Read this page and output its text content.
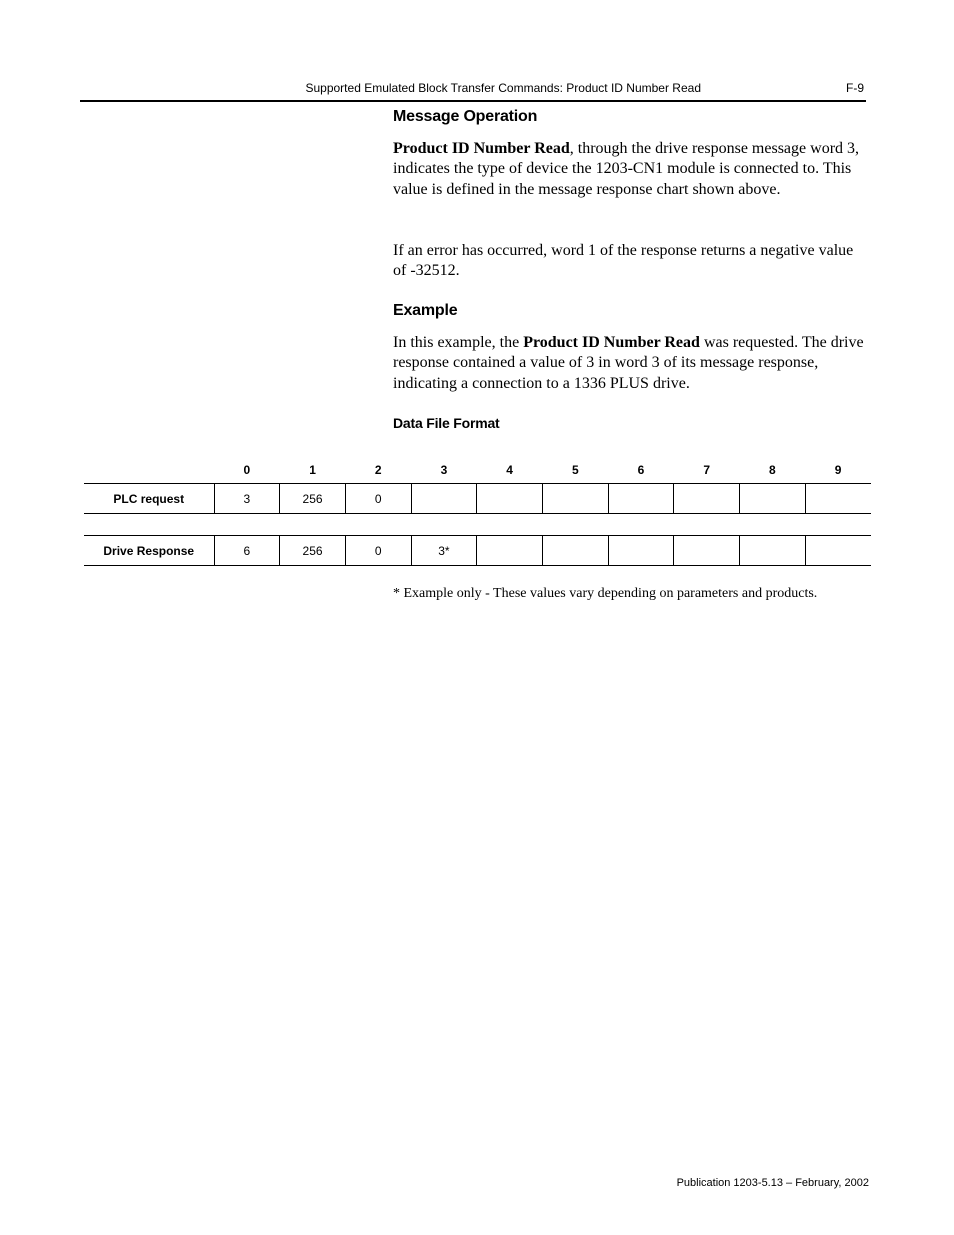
Supported Emulated Block Transfer Commands: Product ID Number Read	F-9
Message Operation

Product ID Number Read, through the drive response message word 3, indicates the type of device the 1203-CN1 module is connected to. This value is defined in the message response chart shown above.

If an error has occurred, word 1 of the response returns a negative value of -32512.

Example

In this example, the Product ID Number Read was requested. The drive response contained a value of 3 in word 3 of its message response, indicating a connection to a 1336 PLUS drive.

Data File Format
	0	1	2	3	4	5	6	7	8	9
PLC request	3	256	0							

Drive Response	6	256	0	3*						

* Example only - These values vary depending on parameters and products.

Publication 1203-5.13 – February, 2002
